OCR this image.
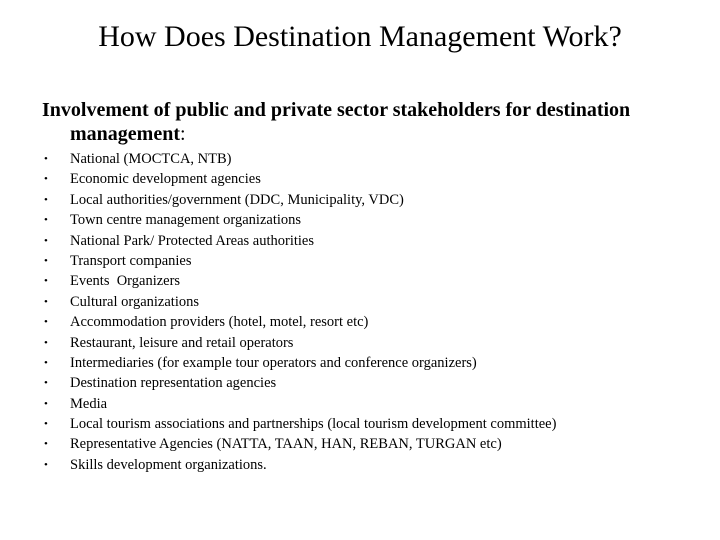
How Does Destination Management Work?
Involvement of public and private sector stakeholders for destination management:
• National (MOCTCA, NTB)
• Economic development agencies
• Local authorities/government (DDC, Municipality, VDC)
• Town centre management organizations
• National Park/ Protected Areas authorities
• Transport companies
• Events  Organizers
• Cultural organizations
• Accommodation providers (hotel, motel, resort etc)
• Restaurant, leisure and retail operators
• Intermediaries (for example tour operators and conference organizers)
• Destination representation agencies
• Media
• Local tourism associations and partnerships (local tourism development committee)
• Representative Agencies (NATTA, TAAN, HAN, REBAN, TURGAN etc)
• Skills development organizations.
